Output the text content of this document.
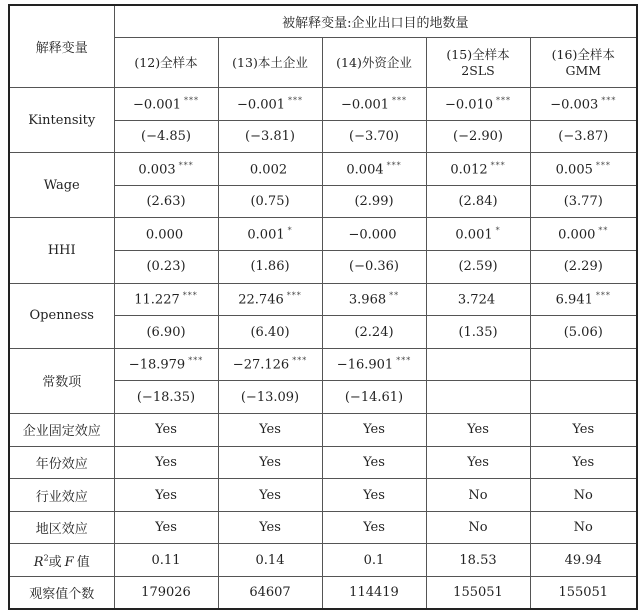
解释变量	被解释变量:企业出口目的地数量				
	(12)全样本	(13)本土企业	(14)外资企业	(15)全样本 2SLS	(16)全样本 GMM
Kintensity	−0.001 ***	−0.001 ***	−0.001 ***	−0.010 ***	−0.003 ***
	(−4.85)	(−3.81)	(−3.70)	(−2.90)	(−3.87)
Wage	0.003 ***	0.002	0.004 ***	0.012 ***	0.005 ***
	(2.63)	(0.75)	(2.99)	(2.84)	(3.77)
HHI	0.000	0.001 *	−0.000	0.001 *	0.000 **
	(0.23)	(1.86)	(−0.36)	(2.59)	(2.29)
Openness	11.227 ***	22.746 ***	3.968 **	3.724	6.941 ***
	(6.90)	(6.40)	(2.24)	(1.35)	(5.06)
常数项	−18.979 ***	−27.126 ***	−16.901 ***		
	(−18.35)	(−13.09)	(−14.61)		
企业固定效应	Yes	Yes	Yes	Yes	Yes
年份效应	Yes	Yes	Yes	Yes	Yes
行业效应	Yes	Yes	Yes	No	No
地区效应	Yes	Yes	Yes	No	No
$R^2$或 F 值	0.11	0.14	0.1	18.53	49.94
观察值个数	179026	64607	114419	155051	155051
